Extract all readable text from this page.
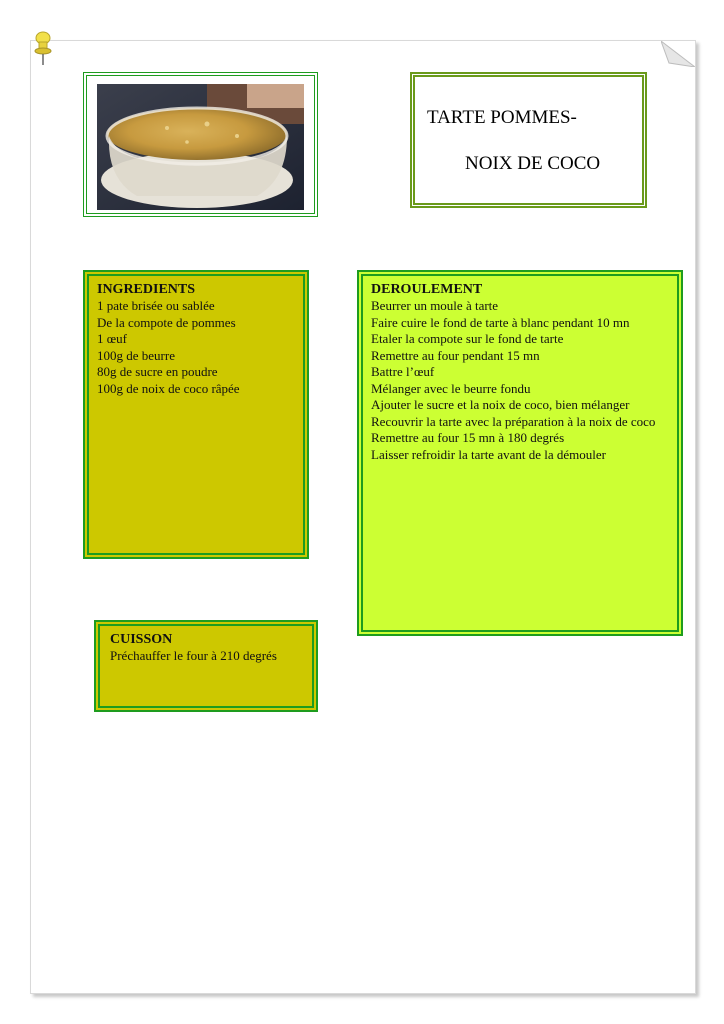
TARTE POMMES-
NOIX DE COCO
INGREDIENTS
1 pate brisée ou sablée
De la compote de pommes
1 œuf
100g de beurre
80g de sucre en poudre
100g de noix de coco râpée
DEROULEMENT
Beurrer un moule à tarte
Faire cuire le fond de tarte à blanc pendant 10 mn
Etaler la compote sur le fond de tarte
Remettre au four pendant 15 mn
Battre l’œuf
Mélanger avec le beurre fondu
Ajouter le sucre et la noix de coco, bien mélanger
Recouvrir la tarte avec la préparation à la noix de coco
Remettre au four 15 mn à 180 degrés
Laisser refroidir la tarte avant de la démouler
CUISSON
Préchauffer le four à 210 degrés
